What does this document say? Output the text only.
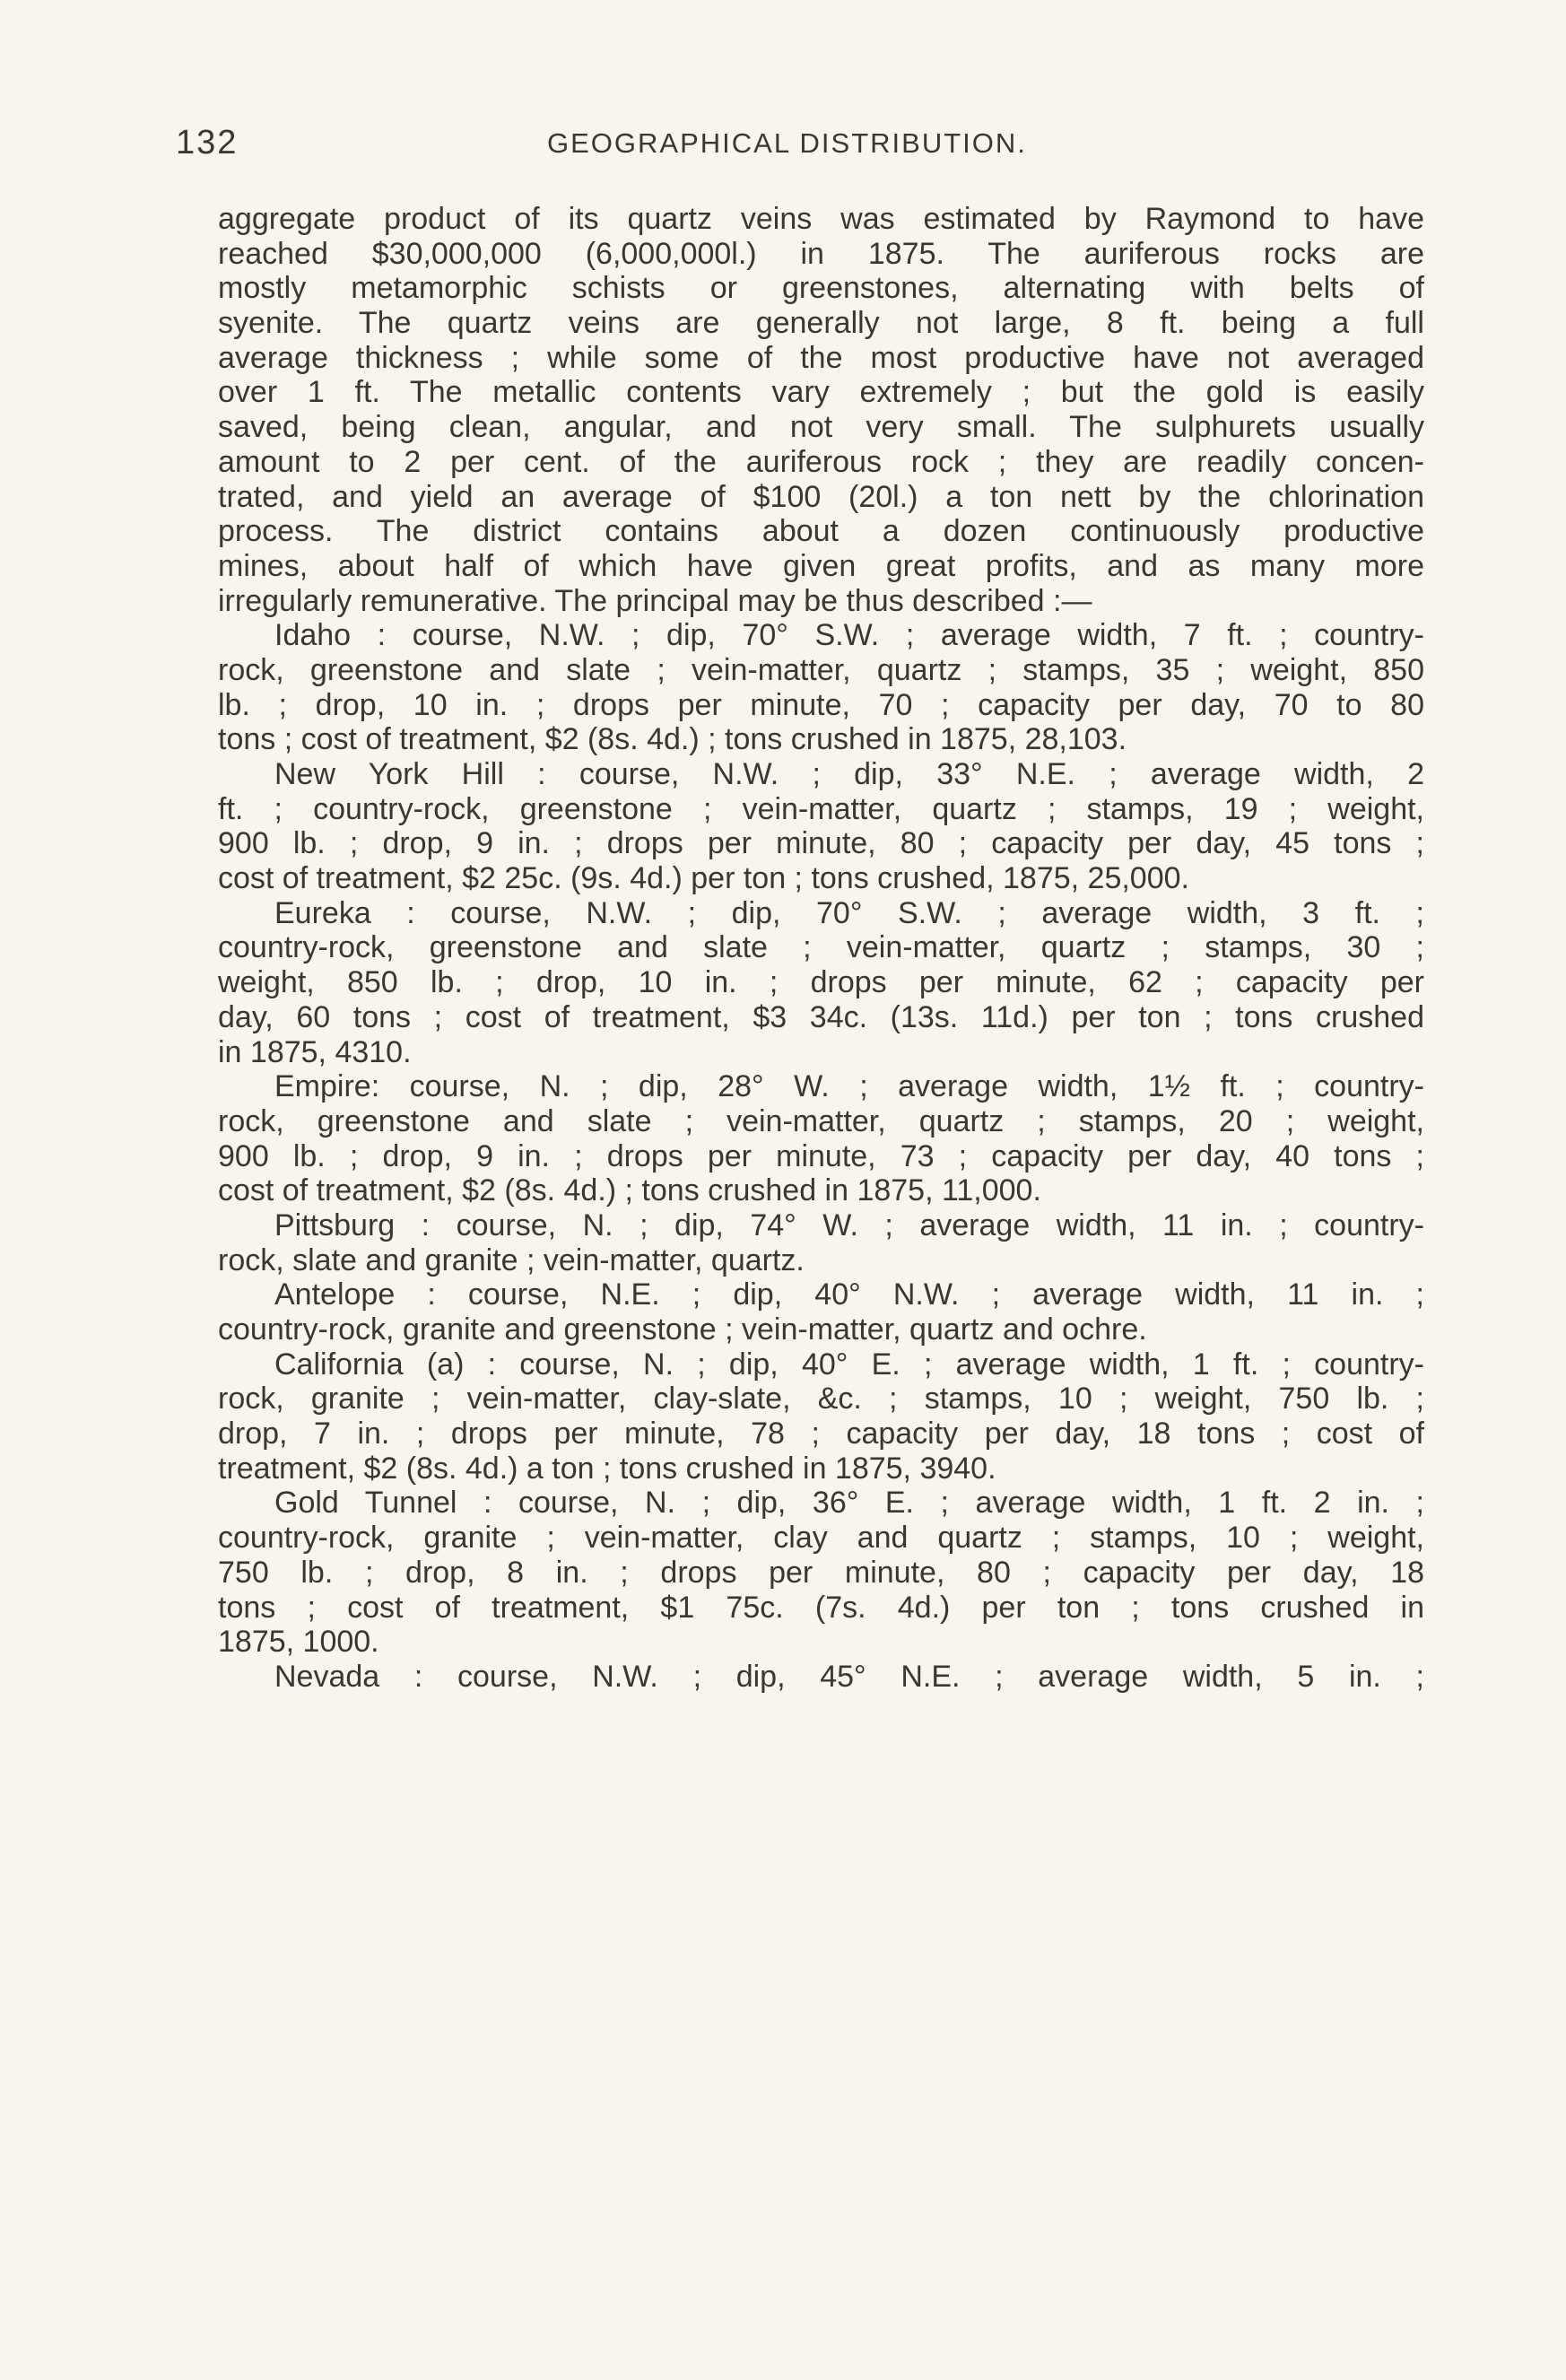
132	GEOGRAPHICAL DISTRIBUTION.
aggregate product of its quartz veins was estimated by Raymond to have
reached $30,000,000 (6,000,000l.) in 1875. The auriferous rocks are
mostly metamorphic schists or greenstones, alternating with belts of
syenite. The quartz veins are generally not large, 8 ft. being a full
average thickness ; while some of the most productive have not averaged
over 1 ft. The metallic contents vary extremely ; but the gold is easily
saved, being clean, angular, and not very small. The sulphurets usually
amount to 2 per cent. of the auriferous rock ; they are readily concen-
trated, and yield an average of $100 (20l.) a ton nett by the chlorination
process. The district contains about a dozen continuously productive
mines, about half of which have given great profits, and as many more
irregularly remunerative. The principal may be thus described :—
Idaho : course, N.W. ; dip, 70° S.W. ; average width, 7 ft. ; country-
rock, greenstone and slate ; vein-matter, quartz ; stamps, 35 ; weight, 850
lb. ; drop, 10 in. ; drops per minute, 70 ; capacity per day, 70 to 80
tons ; cost of treatment, $2 (8s. 4d.) ; tons crushed in 1875, 28,103.
New York Hill : course, N.W. ; dip, 33° N.E. ; average width, 2
ft. ; country-rock, greenstone ; vein-matter, quartz ; stamps, 19 ; weight,
900 lb. ; drop, 9 in. ; drops per minute, 80 ; capacity per day, 45 tons ;
cost of treatment, $2 25c. (9s. 4d.) per ton ; tons crushed, 1875, 25,000.
Eureka : course, N.W. ; dip, 70° S.W. ; average width, 3 ft. ;
country-rock, greenstone and slate ; vein-matter, quartz ; stamps, 30 ;
weight, 850 lb. ; drop, 10 in. ; drops per minute, 62 ; capacity per
day, 60 tons ; cost of treatment, $3 34c. (13s. 11d.) per ton ; tons crushed
in 1875, 4310.
Empire: course, N. ; dip, 28° W. ; average width, 1½ ft. ; country-
rock, greenstone and slate ; vein-matter, quartz ; stamps, 20 ; weight,
900 lb. ; drop, 9 in. ; drops per minute, 73 ; capacity per day, 40 tons ;
cost of treatment, $2 (8s. 4d.) ; tons crushed in 1875, 11,000.
Pittsburg : course, N. ; dip, 74° W. ; average width, 11 in. ; country-
rock, slate and granite ; vein-matter, quartz.
Antelope : course, N.E. ; dip, 40° N.W. ; average width, 11 in. ;
country-rock, granite and greenstone ; vein-matter, quartz and ochre.
California (a) : course, N. ; dip, 40° E. ; average width, 1 ft. ; country-
rock, granite ; vein-matter, clay-slate, &c. ; stamps, 10 ; weight, 750 lb. ;
drop, 7 in. ; drops per minute, 78 ; capacity per day, 18 tons ; cost of
treatment, $2 (8s. 4d.) a ton ; tons crushed in 1875, 3940.
Gold Tunnel : course, N. ; dip, 36° E. ; average width, 1 ft. 2 in. ;
country-rock, granite ; vein-matter, clay and quartz ; stamps, 10 ; weight,
750 lb. ; drop, 8 in. ; drops per minute, 80 ; capacity per day, 18
tons ; cost of treatment, $1 75c. (7s. 4d.) per ton ; tons crushed in
1875, 1000.
Nevada : course, N.W. ; dip, 45° N.E. ; average width, 5 in. ;
